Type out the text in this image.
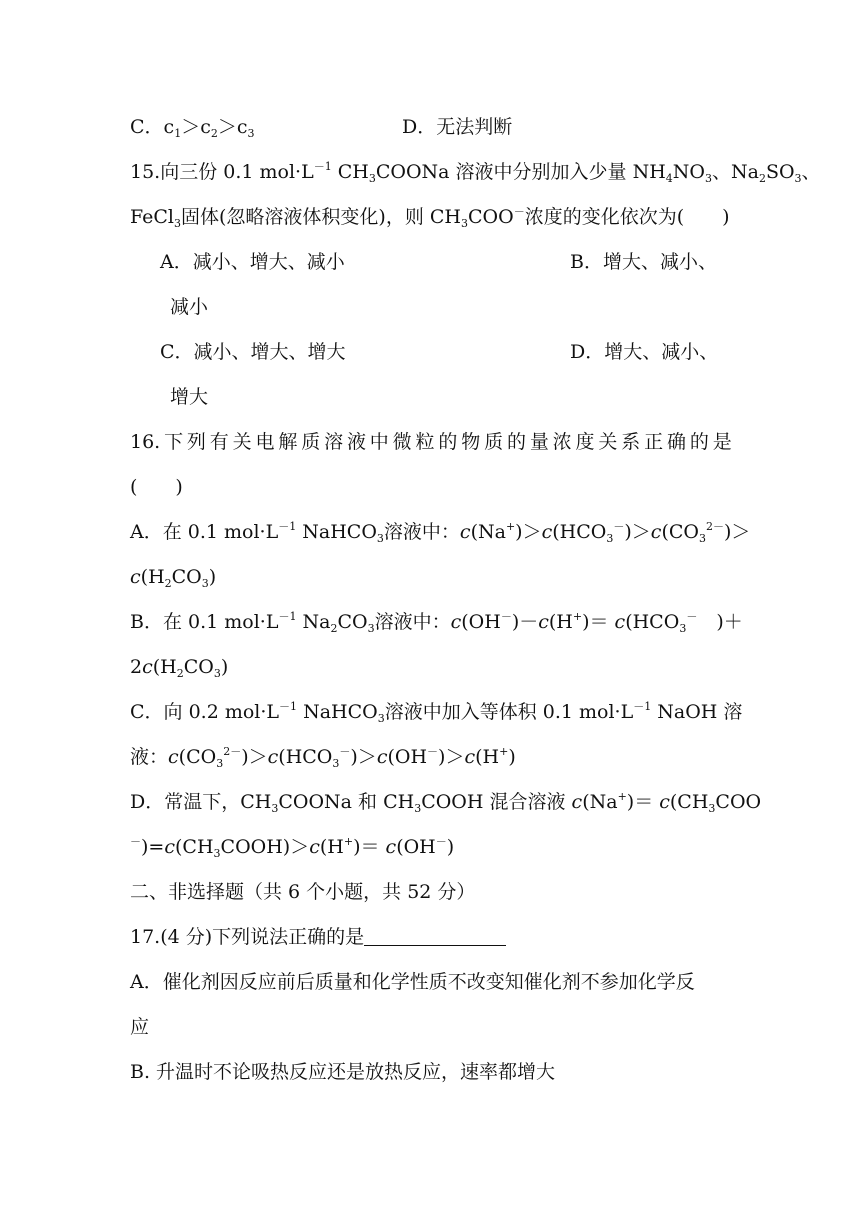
C．$c_1>c_2>c_3$	D．无法判断
15.向三份 0.1 $mol\cdot L^{-1}$ $CH_3COONa$ 溶液中分别加入少量 $NH_4NO_3$、$Na_2SO_3$、
FeCl$_3$固体(忽略溶液体积变化)，则 $CH_3COO^-$浓度的变化依次为(　　)
A．减小、增大、减小	B．增大、减小、
减小
C．减小、增大、增大	D．增大、减小、
增大
16. 下 列 有 关 电 解 质 溶 液 中 微 粒 的 物 质 的 量 浓 度 关 系 正 确 的 是
(　　)
A．在 0.1 $mol\cdot L^{-1}$ NaHCO$_3$溶液中：$c(Na^+)>c(HCO_3^-)>c(CO_3^{2-})>$
$c(H_2CO_3)$
B．在 0.1 $mol\cdot L^{-1}$ $Na_2CO_3$溶液中：$c(OH^-)-c(H^+)= c(HCO_3^-$　)＋
$2c(H_2CO_3)$
C．向 0.2 $mol\cdot L^{-1}$ NaHCO$_3$溶液中加入等体积 0.1 $mol\cdot L^{-1}$ NaOH 溶
液：$c(CO_3^{2-})>c(HCO_3^-)>c(OH^-)>c(H^+)$
D．常温下，$CH_3COONa$ 和 $CH_3COOH$ 混合溶液 $c(Na^+)= c(CH_3COO$
$^-)=c(CH_3COOH)>c(H^+)= c(OH^-)$
二、非选择题（共 6 个小题，共 52 分）
17.(4 分)下列说法正确的是
A．催化剂因反应前后质量和化学性质不改变知催化剂不参加化学反
应
B. 升温时不论吸热反应还是放热反应，速率都增大
